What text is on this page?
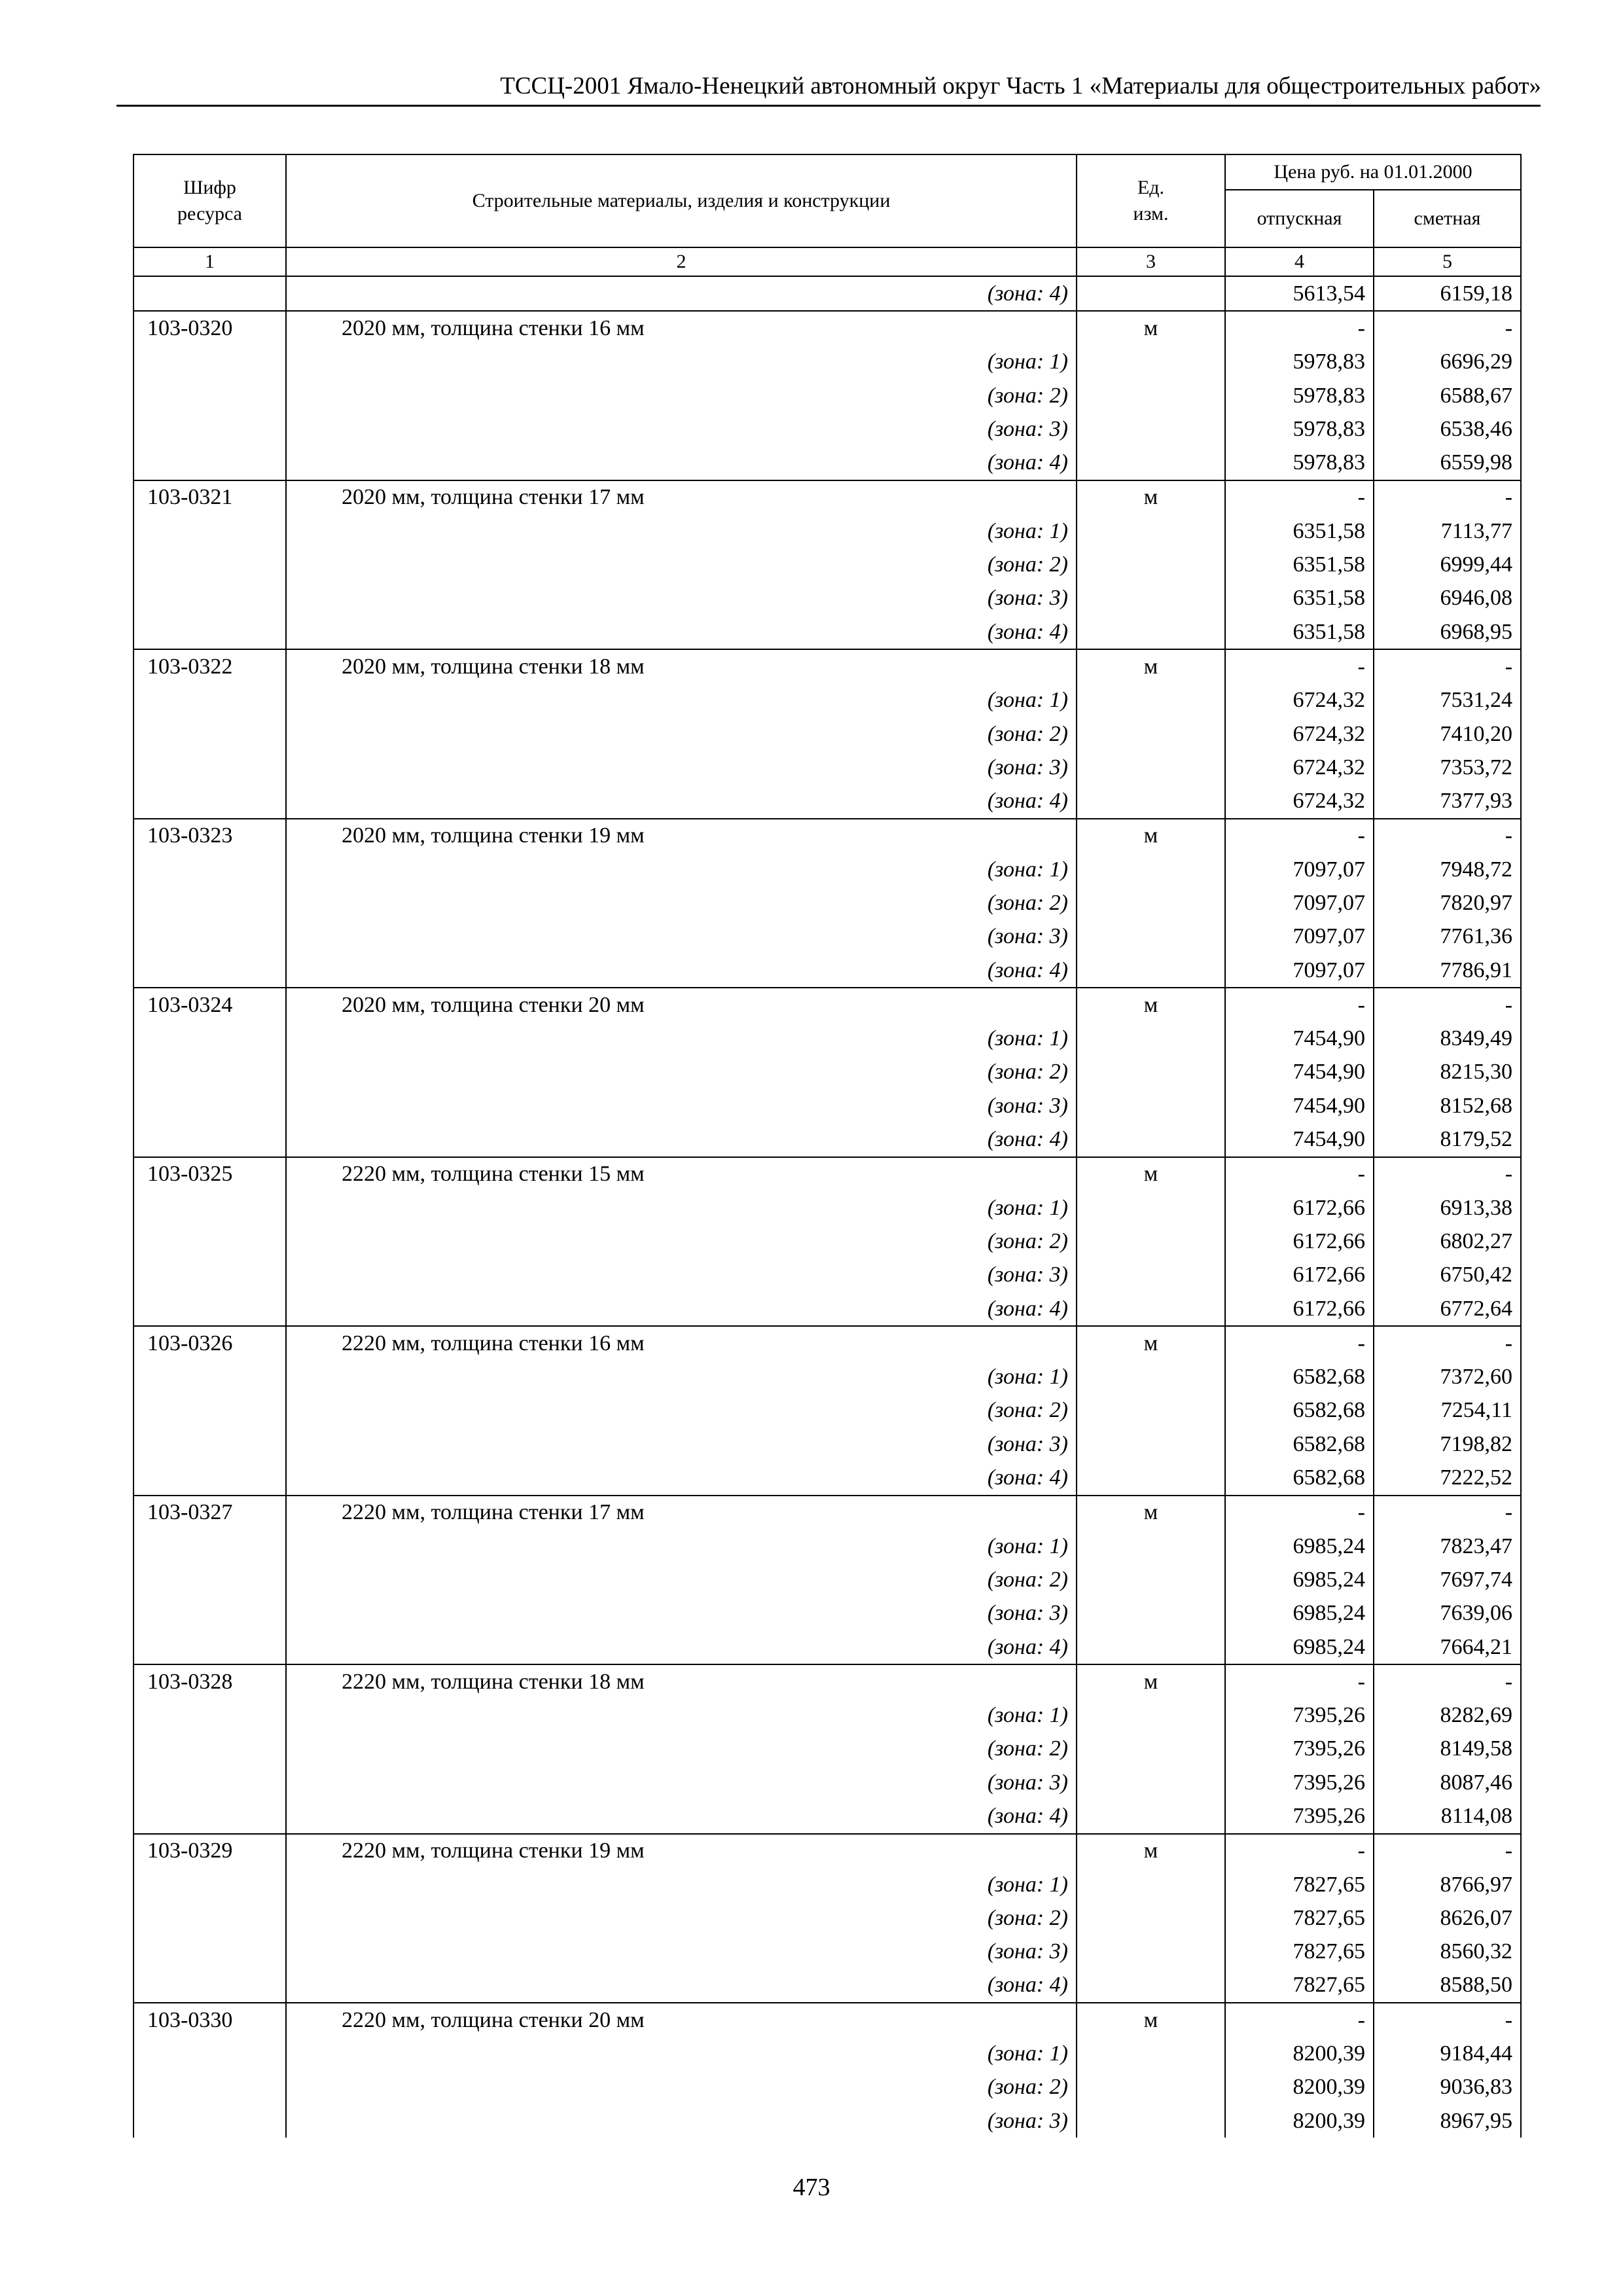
ТССЦ-2001 Ямало-Ненецкий автономный округ Часть 1 «Материалы для общестроительных работ»
Шифр ресурса	Строительные материалы, изделия и конструкции	Ед. изм.	Цена руб. на 01.01.2000	
			отпускная	сметная
1	2	3	4	5

	(зона: 4)		5613,54	6159,18
103-0320	2020 мм, толщина стенки 16 мм	м	-	-

	(зона: 1)		5978,83	6696,29

	(зона: 2)		5978,83	6588,67

	(зона: 3)		5978,83	6538,46

	(зона: 4)		5978,83	6559,98
103-0321	2020 мм, толщина стенки 17 мм	м	-	-

	(зона: 1)		6351,58	7113,77

	(зона: 2)		6351,58	6999,44

	(зона: 3)		6351,58	6946,08

	(зона: 4)		6351,58	6968,95
103-0322	2020 мм, толщина стенки 18 мм	м	-	-

	(зона: 1)		6724,32	7531,24

	(зона: 2)		6724,32	7410,20

	(зона: 3)		6724,32	7353,72

	(зона: 4)		6724,32	7377,93
103-0323	2020 мм, толщина стенки 19 мм	м	-	-

	(зона: 1)		7097,07	7948,72

	(зона: 2)		7097,07	7820,97

	(зона: 3)		7097,07	7761,36

	(зона: 4)		7097,07	7786,91
103-0324	2020 мм, толщина стенки 20 мм	м	-	-

	(зона: 1)		7454,90	8349,49

	(зона: 2)		7454,90	8215,30

	(зона: 3)		7454,90	8152,68

	(зона: 4)		7454,90	8179,52
103-0325	2220 мм, толщина стенки 15 мм	м	-	-

	(зона: 1)		6172,66	6913,38

	(зона: 2)		6172,66	6802,27

	(зона: 3)		6172,66	6750,42

	(зона: 4)		6172,66	6772,64
103-0326	2220 мм, толщина стенки 16 мм	м	-	-

	(зона: 1)		6582,68	7372,60

	(зона: 2)		6582,68	7254,11

	(зона: 3)		6582,68	7198,82

	(зона: 4)		6582,68	7222,52
103-0327	2220 мм, толщина стенки 17 мм	м	-	-

	(зона: 1)		6985,24	7823,47

	(зона: 2)		6985,24	7697,74

	(зона: 3)		6985,24	7639,06

	(зона: 4)		6985,24	7664,21
103-0328	2220 мм, толщина стенки 18 мм	м	-	-

	(зона: 1)		7395,26	8282,69

	(зона: 2)		7395,26	8149,58

	(зона: 3)		7395,26	8087,46

	(зона: 4)		7395,26	8114,08
103-0329	2220 мм, толщина стенки 19 мм	м	-	-

	(зона: 1)		7827,65	8766,97

	(зона: 2)		7827,65	8626,07

	(зона: 3)		7827,65	8560,32

	(зона: 4)		7827,65	8588,50
103-0330	2220 мм, толщина стенки 20 мм	м	-	-

	(зона: 1)		8200,39	9184,44

	(зона: 2)		8200,39	9036,83

	(зона: 3)		8200,39	8967,95
473
